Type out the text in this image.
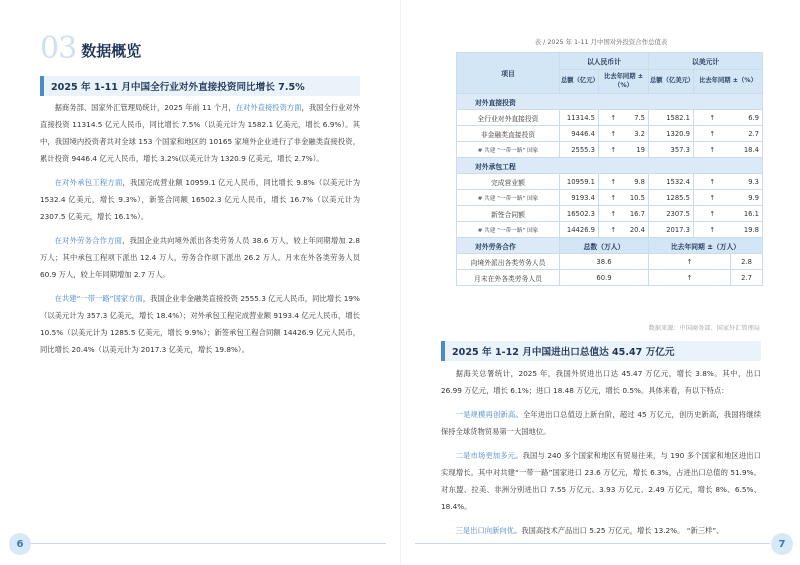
03 数据概览
2025 年 1-11 月中国全行业对外直接投资同比增长 7.5%

据商务部、国家外汇管理局统计，2025 年前 11 个月，在对外直接投资方面，我国全行业对外直接投资 11314.5 亿元人民币，同比增长 7.5%（以美元计为 1582.1 亿美元，增长 6.9%）。其中，我国境内投资者共对全球 153 个国家和地区的 10165 家境外企业进行了非金融类直接投资，累计投资 9446.4 亿元人民币，增长 3.2%(以美元计为 1320.9 亿美元，增长 2.7%）。

在对外承包工程方面，我国完成营业额 10959.1 亿元人民币，同比增长 9.8%（以美元计为 1532.4 亿美元，增长 9.3%），新签合同额 16502.3 亿元人民币，增长 16.7%（以美元计为 2307.5 亿美元，增长 16.1%）。

在对外劳务合作方面，我国企业共向境外派出各类劳务人员 38.6 万人，较上年同期增加 2.8 万人；其中承包工程项下派出 12.4 万人，劳务合作项下派出 26.2 万人。月末在外各类劳务人员 60.9 万人，较上年同期增加 2.7 万人。

在共建“一带一路”国家方面，我国企业非金融类直接投资 2555.3 亿元人民币，同比增长 19%（以美元计为 357.3 亿美元，增长 18.4%）；对外承包工程完成营业额 9193.4 亿元人民币，增长 10.5%（以美元计为 1285.5 亿美元，增长 9.9%）；新签承包工程合同额 14426.9 亿元人民币，同比增长 20.4%（以美元计为 2017.3 亿美元，增长 19.8%）。

6
表 / 2025 年 1-11 月中国对外投资合作总值表
项目	以人民币计			以美元计		
	总额（亿元）	比去年同期 ±（%）		总额（亿美元）	比去年同期 ±（%）	
对外直接投资						
全行业对外直接投资	11314.5	↑	7.5	1582.1	↑	6.9
非金融类直接投资	9446.4	↑	3.2	1320.9	↑	2.7
# 共建 “一带一路” 国家	2555.3	↑	19	357.3	↑	18.4
对外承包工程						
完成营业额	10959.1	↑	9.8	1532.4	↑	9.3
# 共建 “一带一路” 国家	9193.4	↑	10.5	1285.5	↑	9.9
新签合同额	16502.3	↑	16.7	2307.5	↑	16.1
# 共建 “一带一路” 国家	14426.9	↑	20.4	2017.3	↑	19.8
对外劳务合作	总数（万人）			比去年同期 ±（万人）		
向境外派出各类劳务人员	38.6			↑		2.8
月末在外各类劳务人员	60.9			↑		2.7
数据来源：中国商务部、国家外汇管理局
2025 年 1-12 月中国进出口总值达 45.47 万亿元

据海关总署统计，2025 年，我国外贸进出口达 45.47 万亿元，增长 3.8%。其中，出口 26.99 万亿元，增长 6.1%；进口 18.48 万亿元，增长 0.5%。具体来看，有以下特点：

一是规模再创新高。全年进出口总值迈上新台阶，超过 45 万亿元，创历史新高，我国将继续保持全球货物贸易第一大国地位。

二是市场更加多元。我国与 240 多个国家和地区有贸易往来，与 190 多个国家和地区进出口实现增长。其中对共建“一带一路”国家进口 23.6 万亿元，增长 6.3%，占进出口总值的 51.9%。对东盟、拉美、非洲分别进出口 7.55 万亿元、3.93 万亿元、2.49 万亿元，增长 8%、6.5%、18.4%。

三是出口向新向优。我国高技术产品出口 5.25 万亿元，增长 13.2%。 “新三样”、

7
